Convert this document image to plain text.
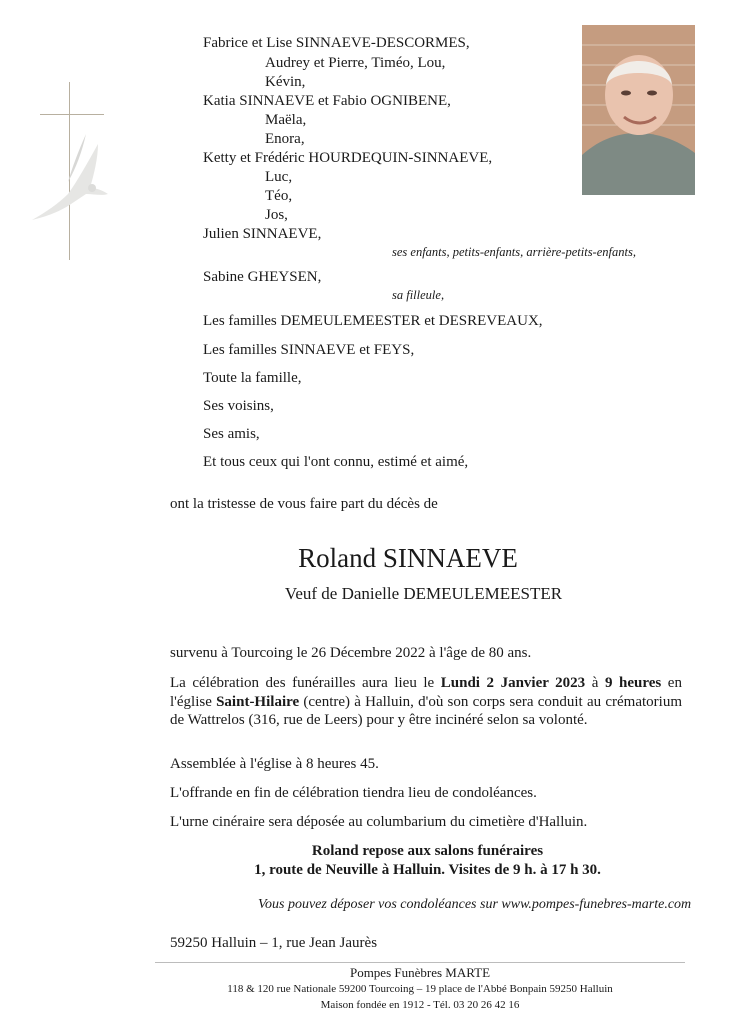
Fabrice et Lise SINNAEVE-DESCORMES,
Audrey et Pierre, Timéo, Lou,
Kévin,
Katia SINNAEVE et Fabio OGNIBENE,
Maëla,
Enora,
Ketty et Frédéric HOURDEQUIN-SINNAEVE,
Luc,
Téo,
Jos,
Julien SINNAEVE,
ses enfants, petits-enfants, arrière-petits-enfants,
Sabine GHEYSEN,
sa filleule,
Les familles DEMEULEMEESTER et DESREVEAUX,
Les familles SINNAEVE et FEYS,
Toute la famille,
Ses voisins,
Ses amis,
Et tous ceux qui l'ont connu, estimé et aimé,
ont la tristesse de vous faire part du décès de
Roland SINNAEVE
Veuf de Danielle DEMEULEMEESTER
survenu à Tourcoing le 26 Décembre 2022 à l'âge de 80 ans.
La célébration des funérailles aura lieu le Lundi 2 Janvier 2023 à 9 heures en l'église Saint-Hilaire (centre) à Halluin, d'où son corps sera conduit au crématorium de Wattrelos (316, rue de Leers) pour y être incinéré selon sa volonté.
Assemblée à l'église à 8 heures 45.
L'offrande en fin de célébration tiendra lieu de condoléances.
L'urne cinéraire sera déposée au columbarium du cimetière d'Halluin.
Roland repose aux salons funéraires
1, route de Neuville à Halluin. Visites de 9 h. à 17 h 30.
Vous pouvez déposer vos condoléances sur www.pompes-funebres-marte.com
59250 Halluin – 1, rue Jean Jaurès
Pompes Funèbres MARTE
118 & 120 rue Nationale 59200 Tourcoing – 19 place de l'Abbé Bonpain 59250 Halluin
Maison fondée en 1912 - Tél. 03 20 26 42 16
